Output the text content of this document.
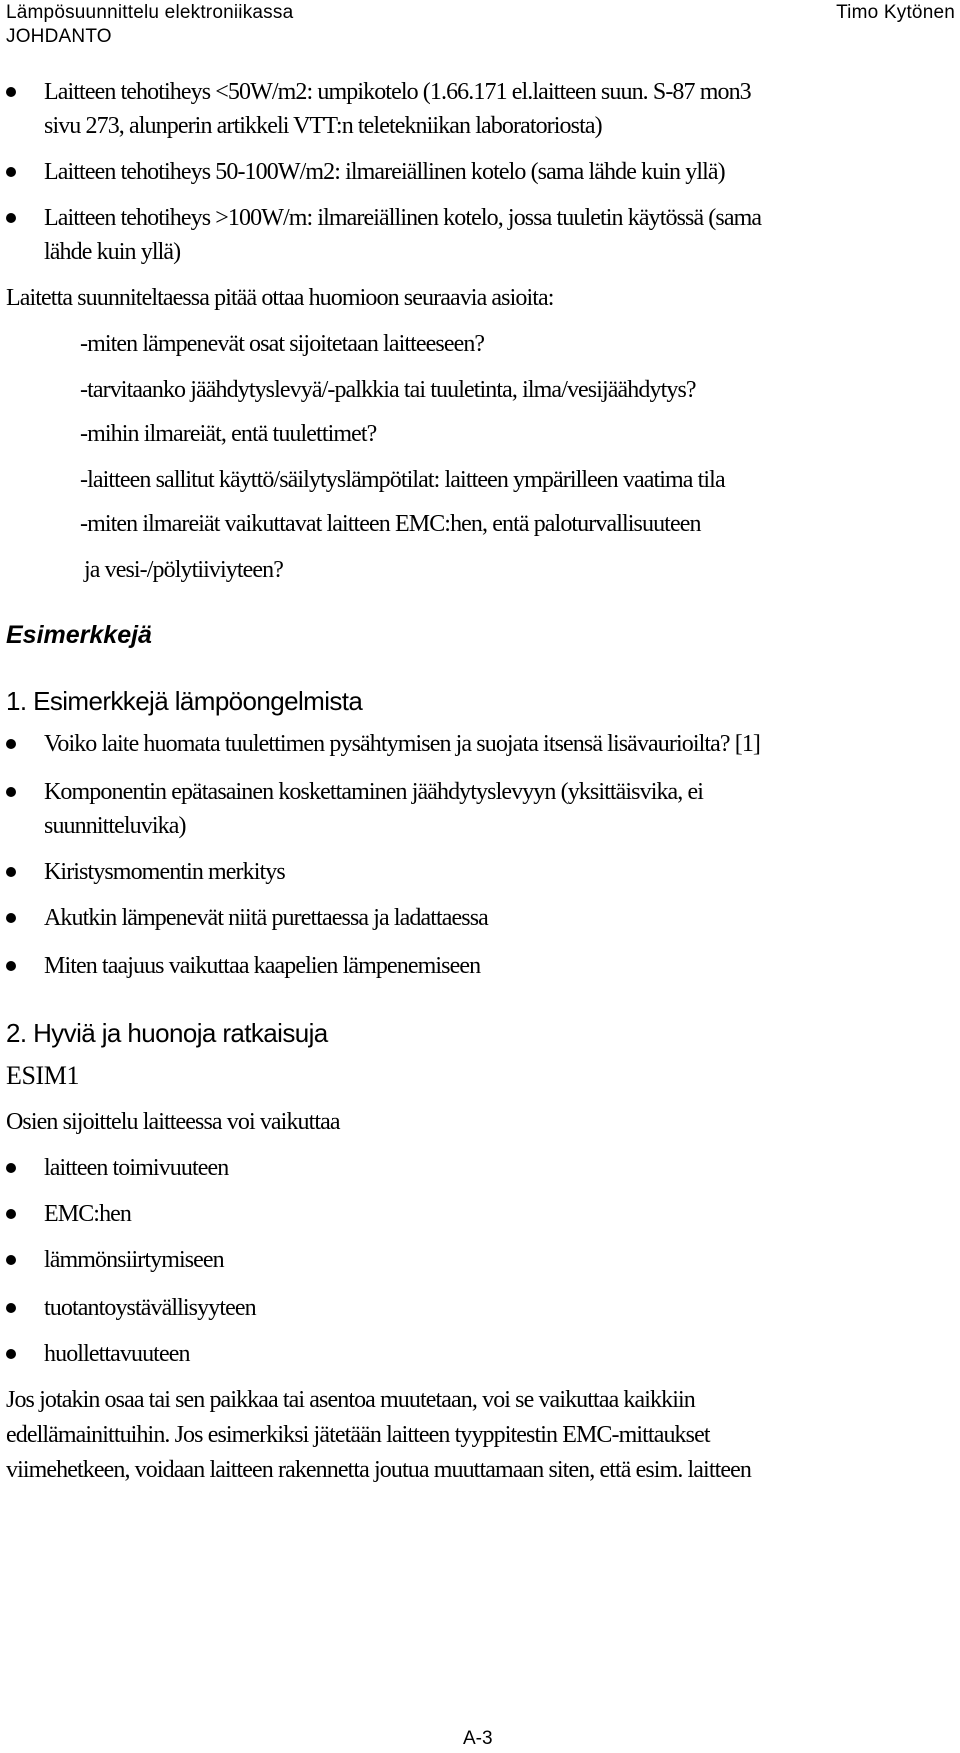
Lämpösuunnittelu elektroniikassa
JOHDANTO
Timo Kytönen
Laitteen tehotiheys <50W/m2: umpikotelo (1.66.171 el.laitteen suun. S-87 mon3
sivu 273, alunperin artikkeli VTT:n teletekniikan laboratoriosta)
Laitteen tehotiheys 50-100W/m2: ilmareiällinen kotelo (sama lähde kuin yllä)
Laitteen tehotiheys >100W/m: ilmareiällinen kotelo, jossa tuuletin käytössä (sama
lähde kuin yllä)
Laitetta suunniteltaessa pitää ottaa huomioon seuraavia asioita:
-miten lämpenevät osat sijoitetaan laitteeseen?
-tarvitaanko jäähdytyslevyä/-palkkia tai tuuletinta, ilma/vesijäähdytys?
-mihin ilmareiät, entä tuulettimet?
-laitteen sallitut käyttö/säilytyslämpötilat: laitteen ympärilleen vaatima tila
-miten ilmareiät vaikuttavat laitteen EMC:hen, entä paloturvallisuuteen
ja vesi-/pölytiiviyteen?
Esimerkkejä
1. Esimerkkejä lämpöongelmista
Voiko laite huomata tuulettimen pysähtymisen ja suojata itsensä lisävaurioilta? [1]
Komponentin epätasainen koskettaminen jäähdytyslevyyn (yksittäisvika, ei
suunnitteluvika)
Kiristysmomentin merkitys
Akutkin lämpenevät niitä purettaessa ja ladattaessa
Miten taajuus vaikuttaa kaapelien lämpenemiseen
2. Hyviä ja huonoja ratkaisuja
ESIM1
Osien sijoittelu laitteessa voi vaikuttaa
laitteen toimivuuteen
EMC:hen
lämmönsiirtymiseen
tuotantoystävällisyyteen
huollettavuuteen
Jos jotakin osaa tai sen paikkaa tai asentoa muutetaan, voi se vaikuttaa kaikkiin
edellämainittuihin. Jos esimerkiksi jätetään laitteen tyyppitestin EMC-mittaukset
viimehetkeen, voidaan laitteen rakennetta joutua muuttamaan siten, että esim. laitteen
A-3
